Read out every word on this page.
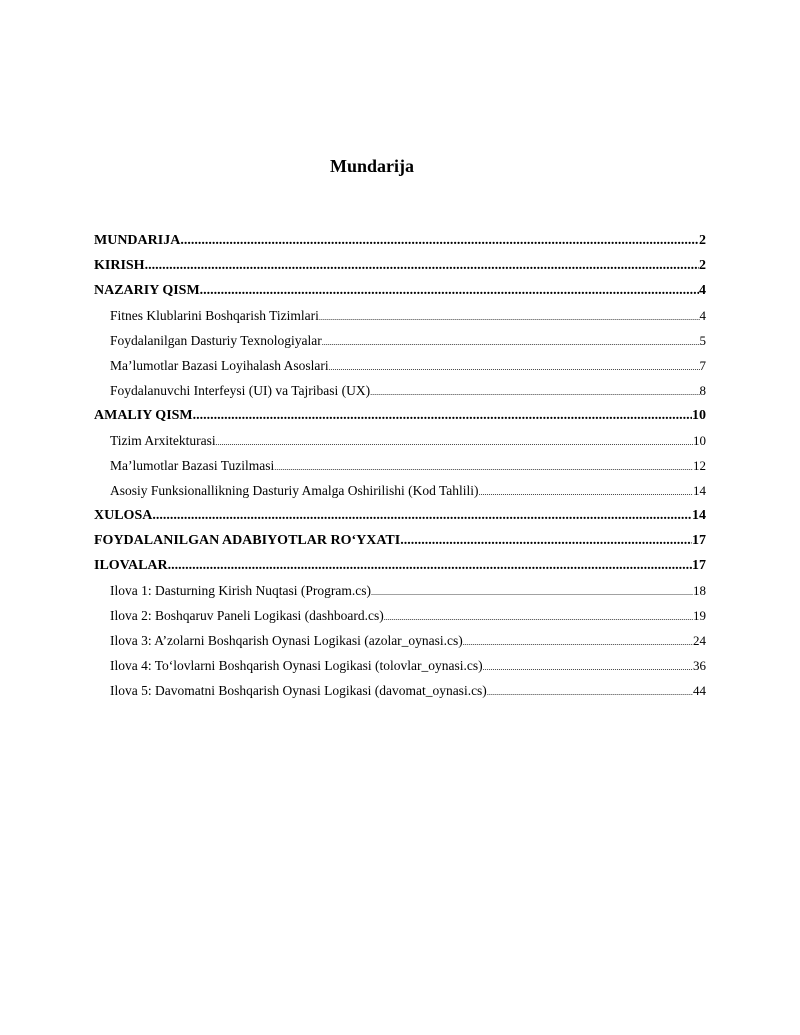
Mundarija
MUNDARIJA .....	2
KIRISH .....	2
NAZARIY QISM .....	4
Fitnes Klublarini Boshqarish Tizimlari .....	4
Foydalanilgan Dasturiy Texnologiyalar .....	5
Ma’lumotlar Bazasi Loyihalash Asoslari .....	7
Foydalanuvchi Interfeysi (UI) va Tajribasi (UX) .....	8
AMALIY QISM .....	10
Tizim Arxitekturasi .....	10
Ma’lumotlar Bazasi Tuzilmasi .....	12
Asosiy Funksionallikning Dasturiy Amalga Oshirilishi (Kod Tahlili) .....	14
XULOSA .....	14
FOYDALANILGAN ADABIYOTLAR RO‘YXATI .....	17
ILOVALAR .....	17
Ilova 1: Dasturning Kirish Nuqtasi (Program.cs) .....	18
Ilova 2: Boshqaruv Paneli Logikasi (dashboard.cs) .....	19
Ilova 3: A’zolarni Boshqarish Oynasi Logikasi (azolar_oynasi.cs) .....	24
Ilova 4: To‘lovlarni Boshqarish Oynasi Logikasi (tolovlar_oynasi.cs) .....	36
Ilova 5: Davomatni Boshqarish Oynasi Logikasi (davomat_oynasi.cs) .....	44
